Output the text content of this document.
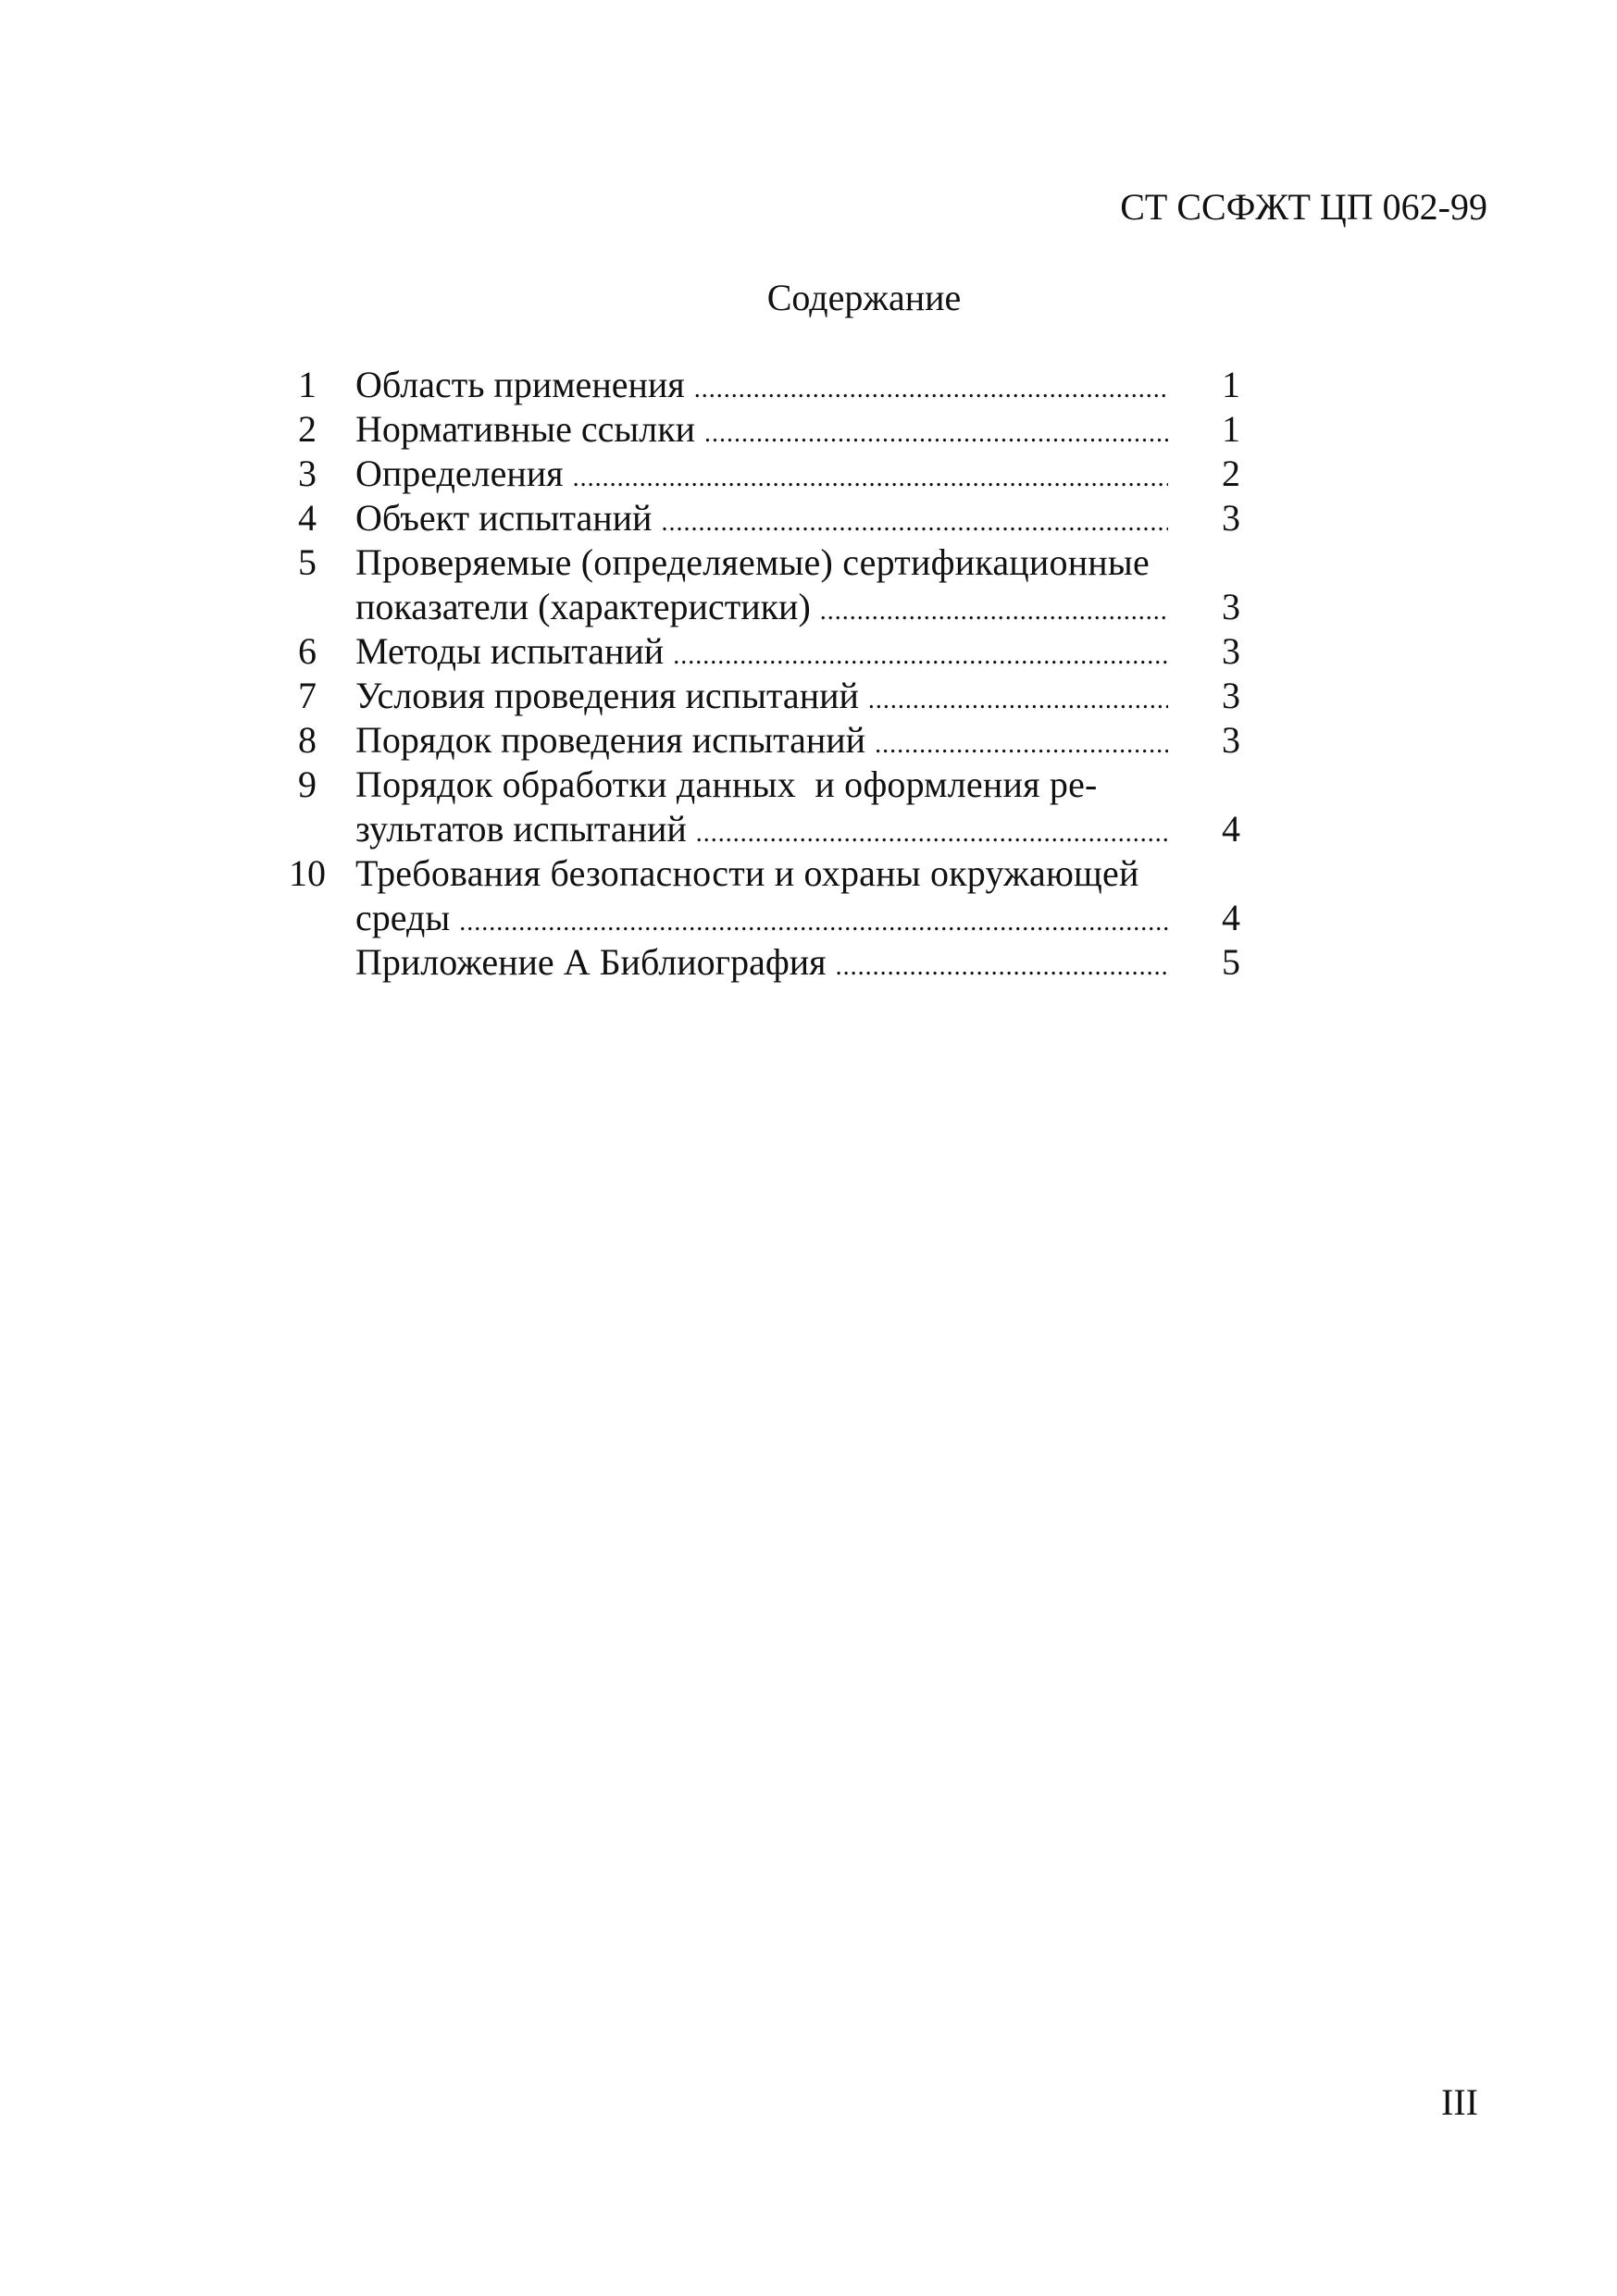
СТ ССФЖТ ЦП 062-99
Содержание
1	Область применения .....	1
2	Нормативные ссылки .....	1
3	Определения .....	2
4	Объект испытаний .....	3
5	Проверяемые (определяемые) сертификационные
показатели (характеристики) .....	3
6	Методы испытаний .....	3
7	Условия проведения испытаний .....	3
8	Порядок проведения испытаний .....	3
9	Порядок обработки данных  и оформления ре-
зультатов испытаний .....	4
10 Требования безопасности и охраны окружающей
среды .....	4
Приложение А Библиография .....	5
III
